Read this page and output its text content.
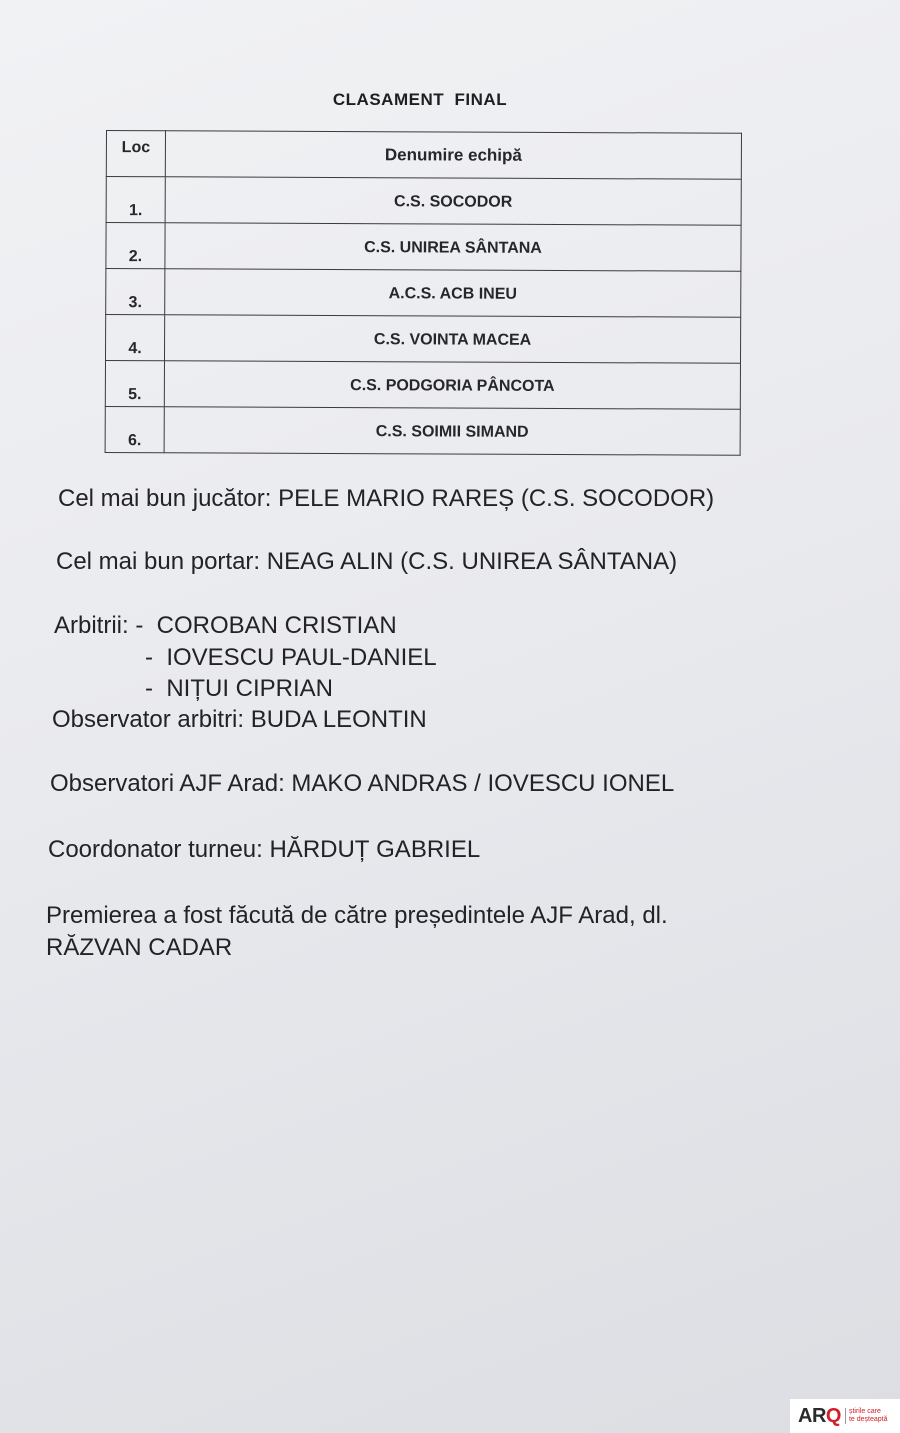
CLASAMENT  FINAL
Loc	Denumire echipă
1.	C.S. SOCODOR
2.	C.S. UNIREA SÂNTANA
3.	A.C.S. ACB INEU
4.	C.S. VOINTA MACEA
5.	C.S. PODGORIA PÂNCOTA
6.	C.S. SOIMII SIMAND
Cel mai bun jucător: PELE MARIO RAREȘ (C.S. SOCODOR)
Cel mai bun portar: NEAG ALIN (C.S. UNIREA SÂNTANA)
Arbitrii: -  COROBAN CRISTIAN
-  IOVESCU PAUL-DANIEL
-  NIȚUI CIPRIAN
Observator arbitri: BUDA LEONTIN
Observatori AJF Arad: MAKO ANDRAS / IOVESCU IONEL
Coordonator turneu: HĂRDUȚ GABRIEL
Premierea a fost făcută de către președintele AJF Arad, dl.
RĂZVAN CADAR
ARQ	știrile care
te deșteaptă
